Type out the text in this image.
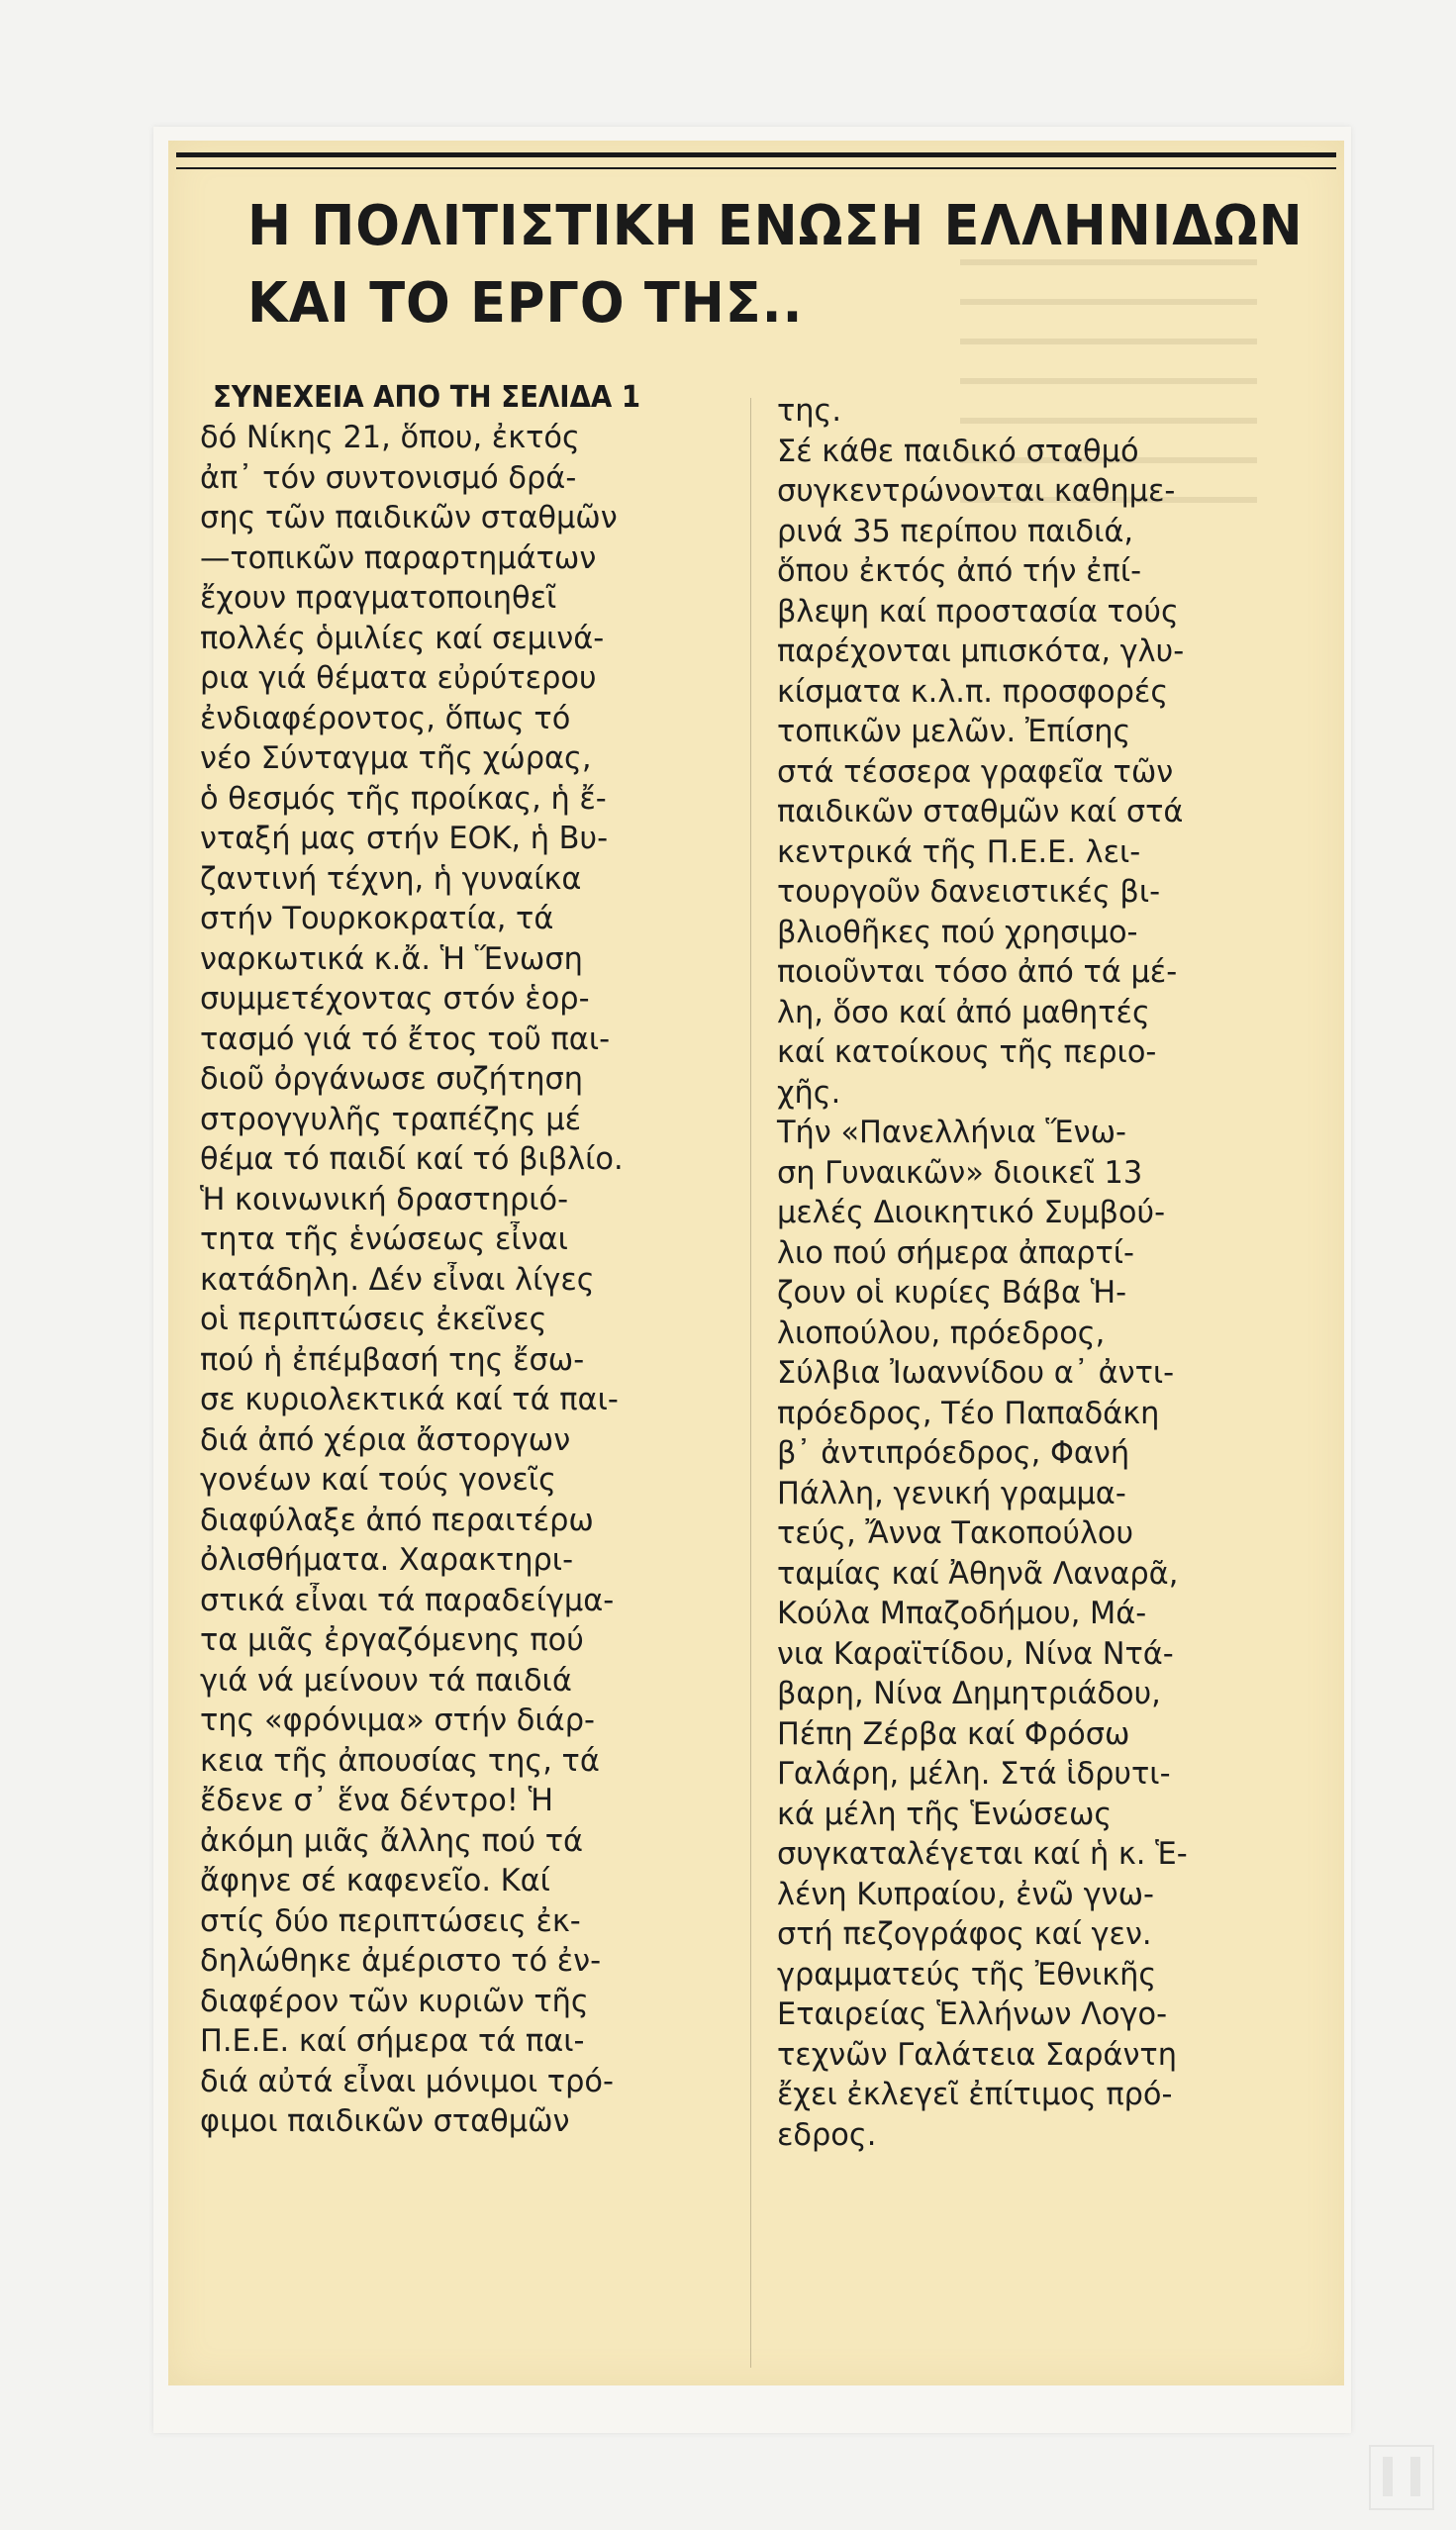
Η ΠΟΛΙΤΙΣΤΙΚΗ ΕΝΩΣΗ ΕΛΛΗΝΙΔΩΝ
ΚΑΙ ΤΟ ΕΡΓΟ ΤΗΣ..
ΣΥΝΕΧΕΙΑ ΑΠΟ ΤΗ ΣΕΛΙΔΑ 1
δό Νίκης 21, ὅπου, ἐκτός
ἀπ᾽ τόν συντονισμό δρά-
σης τῶν παιδικῶν σταθμῶν
—τοπικῶν παραρτημάτων
ἔχουν πραγματοποιηθεῖ
πολλές ὁμιλίες καί σεμινά-
ρια γιά θέματα εὐρύτερου
ἐνδιαφέροντος, ὅπως τό
νέο Σύνταγμα τῆς χώρας,
ὁ θεσμός τῆς προίκας, ἡ ἔ-
νταξή μας στήν ΕΟΚ, ἡ Βυ-
ζαντινή τέχνη, ἡ γυναίκα
στήν Τουρκοκρατία, τά
ναρκωτικά κ.ἄ. Ἡ Ἕνωση
συμμετέχοντας στόν ἑορ-
τασμό γιά τό ἔτος τοῦ παι-
διοῦ ὀργάνωσε συζήτηση
στρογγυλῆς τραπέζης μέ
θέμα τό παιδί καί τό βιβλίο.
Ἡ κοινωνική δραστηριό-
τητα τῆς ἑνώσεως εἶναι
κατάδηλη. Δέν εἶναι λίγες
οἱ περιπτώσεις ἐκεῖνες
πού ἡ ἐπέμβασή της ἔσω-
σε κυριολεκτικά καί τά παι-
διά ἀπό χέρια ἄστοργων
γονέων καί τούς γονεῖς
διαφύλαξε ἀπό περαιτέρω
ὀλισθήματα. Χαρακτηρι-
στικά εἶναι τά παραδείγμα-
τα μιᾶς ἐργαζόμενης πού
γιά νά μείνουν τά παιδιά
της «φρόνιμα» στήν διάρ-
κεια τῆς ἀπουσίας της, τά
ἔδενε σ᾽ ἕνα δέντρο! Ἡ
ἀκόμη μιᾶς ἄλλης πού τά
ἄφηνε σέ καφενεῖο. Καί
στίς δύο περιπτώσεις ἐκ-
δηλώθηκε ἀμέριστο τό ἐν-
διαφέρον τῶν κυριῶν τῆς
Π.Ε.Ε. καί σήμερα τά παι-
διά αὐτά εἶναι μόνιμοι τρό-
φιμοι παιδικῶν σταθμῶν
της.
Σέ κάθε παιδικό σταθμό
συγκεντρώνονται καθημε-
ρινά 35 περίπου παιδιά,
ὅπου ἐκτός ἀπό τήν ἐπί-
βλεψη καί προστασία τούς
παρέχονται μπισκότα, γλυ-
κίσματα κ.λ.π. προσφορές
τοπικῶν μελῶν. Ἐπίσης
στά τέσσερα γραφεῖα τῶν
παιδικῶν σταθμῶν καί στά
κεντρικά τῆς Π.Ε.Ε. λει-
τουργοῦν δανειστικές βι-
βλιοθῆκες πού χρησιμο-
ποιοῦνται τόσο ἀπό τά μέ-
λη, ὅσο καί ἀπό μαθητές
καί κατοίκους τῆς περιο-
χῆς.
Τήν «Πανελλήνια Ἕνω-
ση Γυναικῶν» διοικεῖ 13
μελές Διοικητικό Συμβού-
λιο πού σήμερα ἀπαρτί-
ζουν οἱ κυρίες Βάβα Ἡ-
λιοπούλου, πρόεδρος,
Σύλβια Ἰωαννίδου α᾽ ἀντι-
πρόεδρος, Τέο Παπαδάκη
β᾽ ἀντιπρόεδρος, Φανή
Πάλλη, γενική γραμμα-
τεύς, Ἄννα Τακοπούλου
ταμίας καί Ἀθηνᾶ Λαναρᾶ,
Κούλα Μπαζοδήμου, Μά-
νια Καραϊτίδου, Νίνα Ντά-
βαρη, Νίνα Δημητριάδου,
Πέπη Ζέρβα καί Φρόσω
Γαλάρη, μέλη. Στά ἱδρυτι-
κά μέλη τῆς Ἑνώσεως
συγκαταλέγεται καί ἡ κ. Ἑ-
λένη Κυπραίου, ἐνῶ γνω-
στή πεζογράφος καί γεν.
γραμματεύς τῆς Ἐθνικῆς
Εταιρείας Ἑλλήνων Λογο-
τεχνῶν Γαλάτεια Σαράντη
ἔχει ἐκλεγεῖ ἐπίτιμος πρό-
εδρος.
